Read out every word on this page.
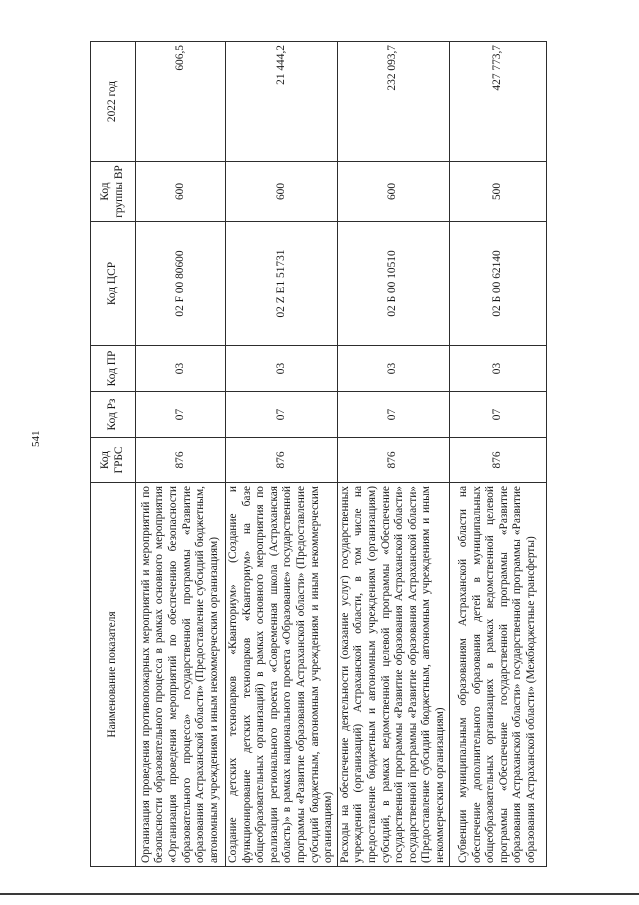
541
Наименование показателя	Код ГРБС	Код Рз	Код ПР	Код ЦСР	Код группы ВР	2022 год
Организация проведения противопожарных мероприятий и мероприятий по безопасности образовательного процесса в рамках основного мероприятия «Организация проведения мероприятий по обеспечению безопасности образовательного процесса» государственной программы «Развитие образования Астраханской области» (Предоставление субсидий бюджетным, автономным учреждениям и иным некоммерческим организациям)	876	07	03	02 F 00 80600	600	606,5
Создание детских технопарков «Кванториум» (Создание и функционирование детских технопарков «Кванториум» на базе общеобразовательных организаций) в рамках основного мероприятия по реализации регионального проекта «Современная школа (Астраханская область)» в рамках национального проекта «Образование» государственной программы «Развитие образования Астраханской области» (Предоставление субсидий бюджетным, автономным учреждениям и иным некоммерческим организациям)	876	07	03	02 Z E1 51731	600	21 444,2
Расходы на обеспечение деятельности (оказание услуг) государственных учреждений (организаций) Астраханской области, в том числе на предоставление бюджетным и автономным учреждениям (организациям) субсидий, в рамках ведомственной целевой программы «Обеспечение государственной программы «Развитие образования Астраханской области» государственной программы «Развитие образования Астраханской области» (Предоставление субсидий бюджетным, автономным учреждениям и иным некоммерческим организациям)	876	07	03	02 Б 00 10510	600	232 093,7
Субвенции муниципальным образованиям Астраханской области на обеспечение дополнительного образования детей в муниципальных общеобразовательных организациях в рамках ведомственной целевой программы «Обеспечение государственной программы «Развитие образования Астраханской области» государственной программы «Развитие образования Астраханской области» (Межбюджетные трансферты)	876	07	03	02 Б 00 62140	500	427 773,7
